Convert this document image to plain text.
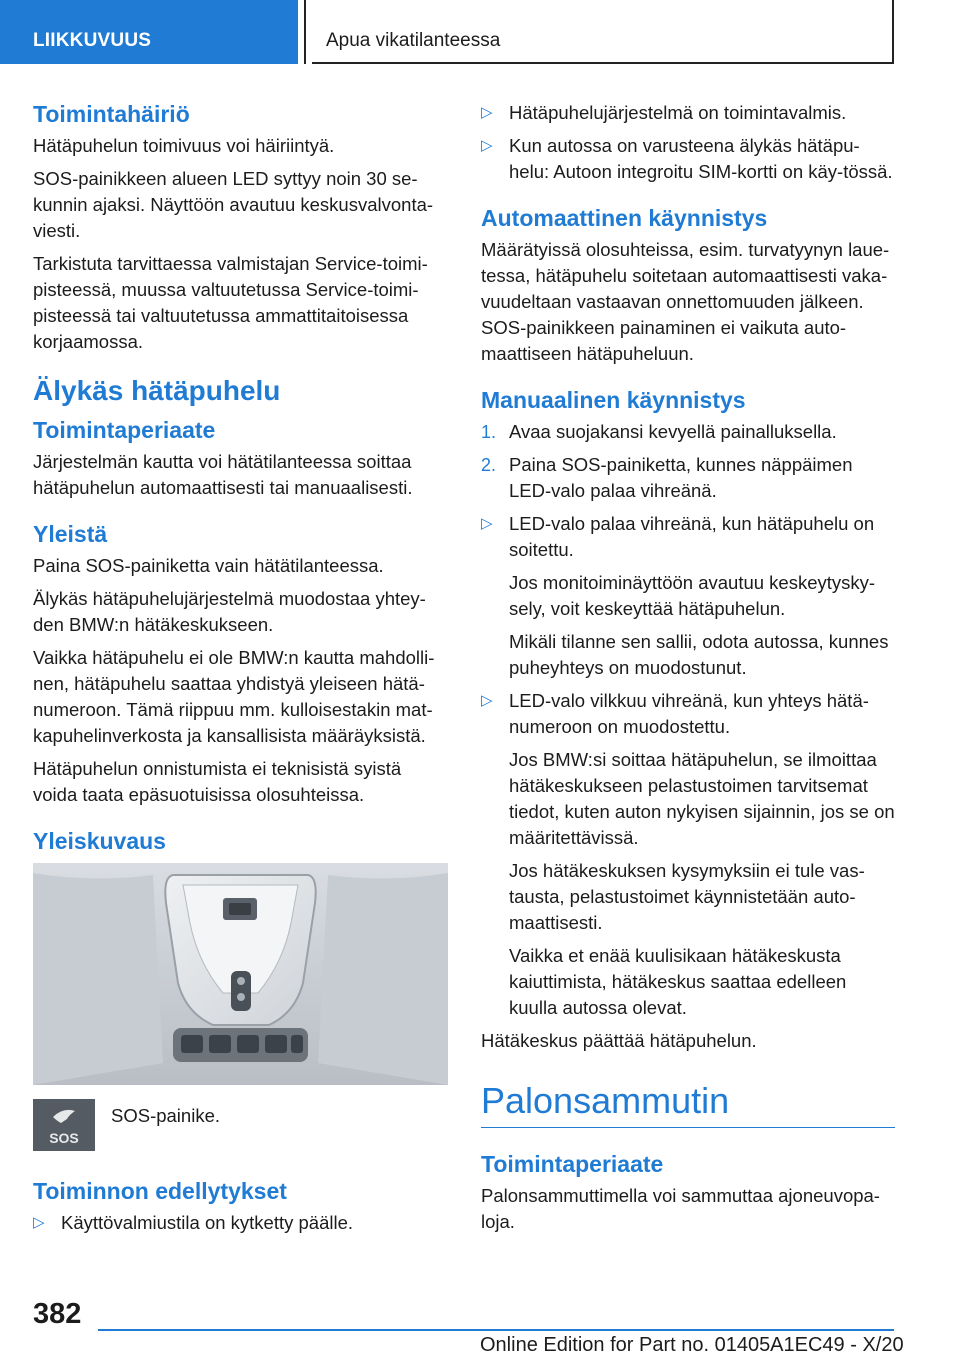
LIIKKUVUUS	Apua vikatilanteessa
Toimintahäiriö

Hätäpuhelun toimivuus voi häiriintyä.

SOS-painikkeen alueen LED syttyy noin 30 se-kunnin ajaksi. Näyttöön avautuu keskusvalvonta-viesti.

Tarkistuta tarvittaessa valmistajan Service-toimi-pisteessä, muussa valtuutetussa Service-toimi-pisteessä tai valtuutetussa ammattitaitoisessa korjaamossa.

Älykäs hätäpuhelu
Toimintaperiaate

Järjestelmän kautta voi hätätilanteessa soittaa hätäpuhelun automaattisesti tai manuaalisesti.

Yleistä

Paina SOS-painiketta vain hätätilanteessa.

Älykäs hätäpuhelujärjestelmä muodostaa yhtey-den BMW:n hätäkeskukseen.

Vaikka hätäpuhelu ei ole BMW:n kautta mahdolli-nen, hätäpuhelu saattaa yhdistyä yleiseen hätä-numeroon. Tämä riippuu mm. kulloisestakin mat-kapuhelinverkosta ja kansallisista määräyksistä.

Hätäpuhelun onnistumista ei teknisistä syistä voida taata epäsuotuisissa olosuhteissa.

Yleiskuvaus
SOS
SOS-painike.
Toiminnon edellytykset
▷ Käyttövalmiustila on kytketty päälle.
▷ Hätäpuhelujärjestelmä on toimintavalmis.
▷ Kun autossa on varusteena älykäs hätäpu-helu: Autoon integroitu SIM-kortti on käy-tössä.
Automaattinen käynnistys

Määrätyissä olosuhteissa, esim. turvatyynyn laue-tessa, hätäpuhelu soitetaan automaattisesti vaka-vuudeltaan vastaavan onnettomuuden jälkeen. SOS-painikkeen painaminen ei vaikuta auto-maattiseen hätäpuheluun.

Manuaalinen käynnistys
1. Avaa suojakansi kevyellä painalluksella.
2. Paina SOS-painiketta, kunnes näppäimen LED-valo palaa vihreänä.
▷ LED-valo palaa vihreänä, kun hätäpuhelu on soitettu.

Jos monitoiminäyttöön avautuu keskeytysky-sely, voit keskeyttää hätäpuhelun.

Mikäli tilanne sen sallii, odota autossa, kunnes puheyhteys on muodostunut.

▷ LED-valo vilkkuu vihreänä, kun yhteys hätä-numeroon on muodostettu.

Jos BMW:si soittaa hätäpuhelun, se ilmoittaa hätäkeskukseen pelastustoimen tarvitsemat tiedot, kuten auton nykyisen sijainnin, jos se on määritettävissä.

Jos hätäkeskuksen kysymyksiin ei tule vas-tausta, pelastustoimet käynnistetään auto-maattisesti.

Vaikka et enää kuulisikaan hätäkeskusta kaiuttimista, hätäkeskus saattaa edelleen kuulla autossa olevat.

Hätäkeskus päättää hätäpuhelun.

Palonsammutin
Toimintaperiaate

Palonsammuttimella voi sammuttaa ajoneuvopa-loja.

382
Online Edition for Part no. 01405A1EC49 - X/20
